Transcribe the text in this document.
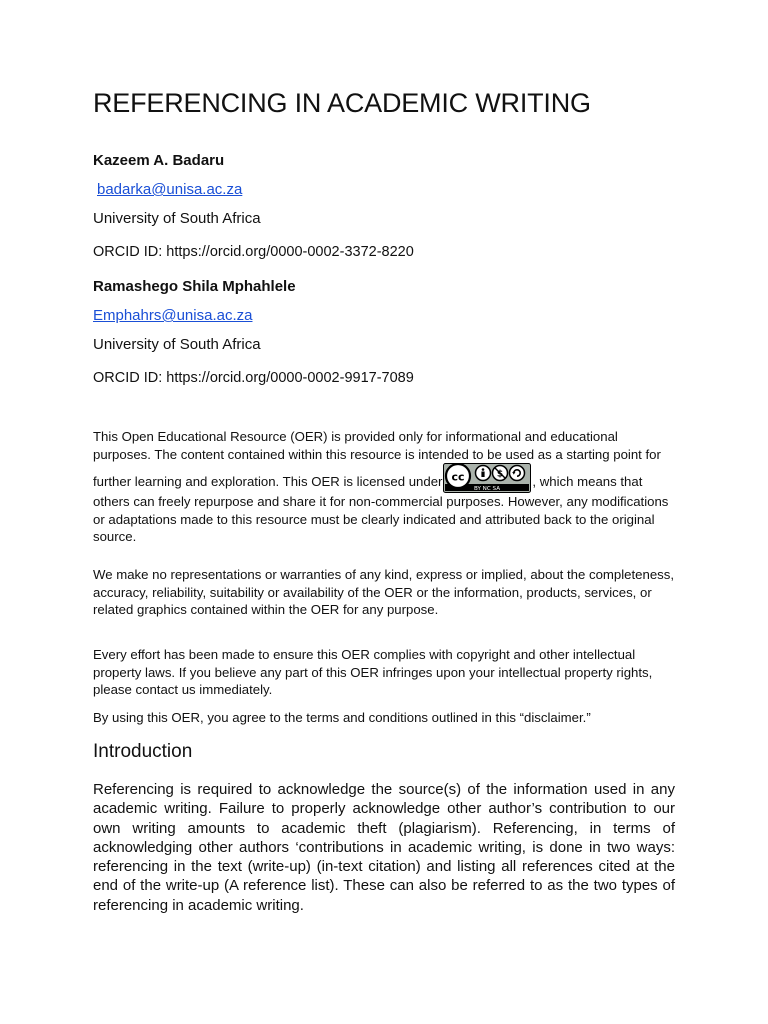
REFERENCING IN ACADEMIC WRITING
Kazeem A. Badaru
badarka@unisa.ac.za
University of South Africa
ORCID ID: https://orcid.org/0000-0002-3372-8220
Ramashego Shila Mphahlele
Emphahrs@unisa.ac.za
University of South Africa
ORCID ID: https://orcid.org/0000-0002-9917-7089

This Open Educational Resource (OER) is provided only for informational and educational purposes. The content contained within this resource is intended to be used as a starting point for further learning and exploration. This OER is licensed under cc	$
BY NC SA , which means that others can freely repurpose and share it for non-commercial purposes. However, any modifications or adaptations made to this resource must be clearly indicated and attributed back to the original source.

We make no representations or warranties of any kind, express or implied, about the completeness, accuracy, reliability, suitability or availability of the OER or the information, products, services, or related graphics contained within the OER for any purpose.

Every effort has been made to ensure this OER complies with copyright and other intellectual property laws. If you believe any part of this OER infringes upon your intellectual property rights, please contact us immediately.

By using this OER, you agree to the terms and conditions outlined in this “disclaimer.”

Introduction

Referencing is required to acknowledge the source(s) of the information used in any academic writing. Failure to properly acknowledge other author’s contribution to our own writing amounts to academic theft (plagiarism). Referencing, in terms of acknowledging other authors ‘contributions in academic writing, is done in two ways: referencing in the text (write-up) (in-text citation) and listing all references cited at the end of the write-up (A reference list). These can also be referred to as the two types of referencing in academic writing.
